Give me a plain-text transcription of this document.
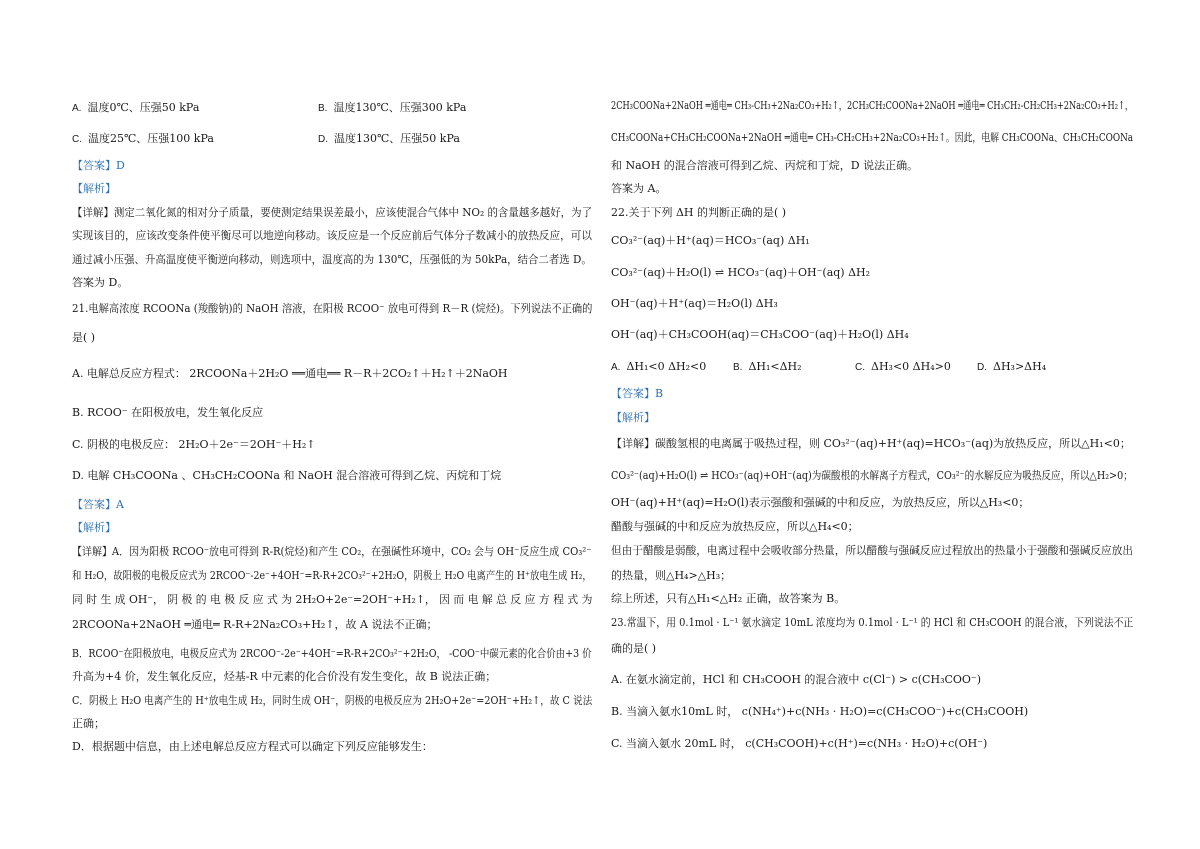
A. 温度0℃、压强50 kPa	B. 温度130℃、压强300 kPa
C. 温度25℃、压强100 kPa	D. 温度130℃、压强50 kPa
【答案】D
【解析】
【详解】测定二氧化氮的相对分子质量，要使测定结果误差最小，应该使混合气体中 NO₂ 的含量越多越好，为了
实现该目的，应该改变条件使平衡尽可以地逆向移动。该反应是一个反应前后气体分子数减小的放热反应，可以
通过减小压强、升高温度使平衡逆向移动，则选项中，温度高的为 130℃，压强低的为 50kPa，结合二者选 D。
答案为 D。
21.电解高浓度 RCOONa (羧酸钠)的 NaOH 溶液，在阳极 RCOO⁻ 放电可得到 R－R (烷烃)。下列说法不正确的
是( )
A. 电解总反应方程式： 2RCOONa＋2H₂O ══通电══ R－R＋2CO₂↑＋H₂↑＋2NaOH
B. RCOO⁻ 在阳极放电，发生氧化反应
C. 阴极的电极反应： 2H₂O＋2e⁻＝2OH⁻＋H₂↑
D. 电解 CH₃COONa 、CH₃CH₂COONa 和 NaOH 混合溶液可得到乙烷、丙烷和丁烷
【答案】A
【解析】
【详解】A．因为阳极 RCOO⁻放电可得到 R-R(烷烃)和产生 CO₂，在强碱性环境中，CO₂ 会与 OH⁻反应生成 CO₃²⁻
和 H₂O，故阳极的电极反应式为 2RCOO⁻-2e⁻+4OH⁻=R-R+2CO₃²⁻+2H₂O，阴极上 H₂O 电离产生的 H⁺放电生成 H₂，
同 时 生 成 OH⁻， 阴 极 的 电 极 反 应 式 为 2H₂O+2e⁻=2OH⁻+H₂↑， 因 而 电 解 总 反 应 方 程 式 为
2RCOONa+2NaOH ═通电═ R-R+2Na₂CO₃+H₂↑，故 A 说法不正确；
B．RCOO⁻在阳极放电，电极反应式为 2RCOO⁻-2e⁻+4OH⁻=R-R+2CO₃²⁻+2H₂O， -COO⁻中碳元素的化合价由+3 价
升高为+4 价，发生氧化反应，烃基-R 中元素的化合价没有发生变化，故 B 说法正确；
C．阴极上 H₂O 电离产生的 H⁺放电生成 H₂，同时生成 OH⁻，阴极的电极反应为 2H₂O+2e⁻=2OH⁻+H₂↑，故 C 说法
正确；
D．根据题中信息，由上述电解总反应方程式可以确定下列反应能够发生：
2CH₃COONa+2NaOH ═通电═ CH₃-CH₃+2Na₂CO₃+H₂↑，2CH₃CH₂COONa+2NaOH ═通电═ CH₃CH₂-CH₂CH₃+2Na₂CO₃+H₂↑，
CH₃COONa+CH₃CH₂COONa+2NaOH ═通电═ CH₃-CH₂CH₃+2Na₂CO₃+H₂↑。因此，电解 CH₃COONa、CH₃CH₂COONa
和 NaOH 的混合溶液可得到乙烷、丙烷和丁烷，D 说法正确。
答案为 A。
22.关于下列 ΔH 的判断正确的是( )
CO₃²⁻(aq)＋H⁺(aq)＝HCO₃⁻(aq) ΔH₁
CO₃²⁻(aq)＋H₂O(l) ⇌ HCO₃⁻(aq)＋OH⁻(aq) ΔH₂
OH⁻(aq)＋H⁺(aq)＝H₂O(l) ΔH₃
OH⁻(aq)＋CH₃COOH(aq)＝CH₃COO⁻(aq)＋H₂O(l) ΔH₄
A. ΔH₁<0 ΔH₂<0	B. ΔH₁<ΔH₂	C. ΔH₃<0 ΔH₄>0	D. ΔH₃>ΔH₄
【答案】B
【解析】
【详解】碳酸氢根的电离属于吸热过程，则 CO₃²⁻(aq)+H⁺(aq)=HCO₃⁻(aq)为放热反应，所以△H₁<0；
CO₃²⁻(aq)+H₂O(l) ⇌ HCO₃⁻(aq)+OH⁻(aq)为碳酸根的水解离子方程式，CO₃²⁻的水解反应为吸热反应，所以△H₂>0；
OH⁻(aq)+H⁺(aq)=H₂O(l)表示强酸和强碱的中和反应，为放热反应，所以△H₃<0；
醋酸与强碱的中和反应为放热反应，所以△H₄<0；
但由于醋酸是弱酸，电离过程中会吸收部分热量，所以醋酸与强碱反应过程放出的热量小于强酸和强碱反应放出
的热量，则△H₄>△H₃；
综上所述，只有△H₁<△H₂ 正确，故答案为 B。
23.常温下，用 0.1mol · L⁻¹ 氨水滴定 10mL 浓度均为 0.1mol · L⁻¹ 的 HCl 和 CH₃COOH 的混合液，下列说法不正
确的是( )
A. 在氨水滴定前，HCl 和 CH₃COOH 的混合液中 c(Cl⁻) > c(CH₃COO⁻)
B. 当滴入氨水10mL 时， c(NH₄⁺)+c(NH₃ · H₂O)=c(CH₃COO⁻)+c(CH₃COOH)
C. 当滴入氨水 20mL 时， c(CH₃COOH)+c(H⁺)=c(NH₃ · H₂O)+c(OH⁻)
